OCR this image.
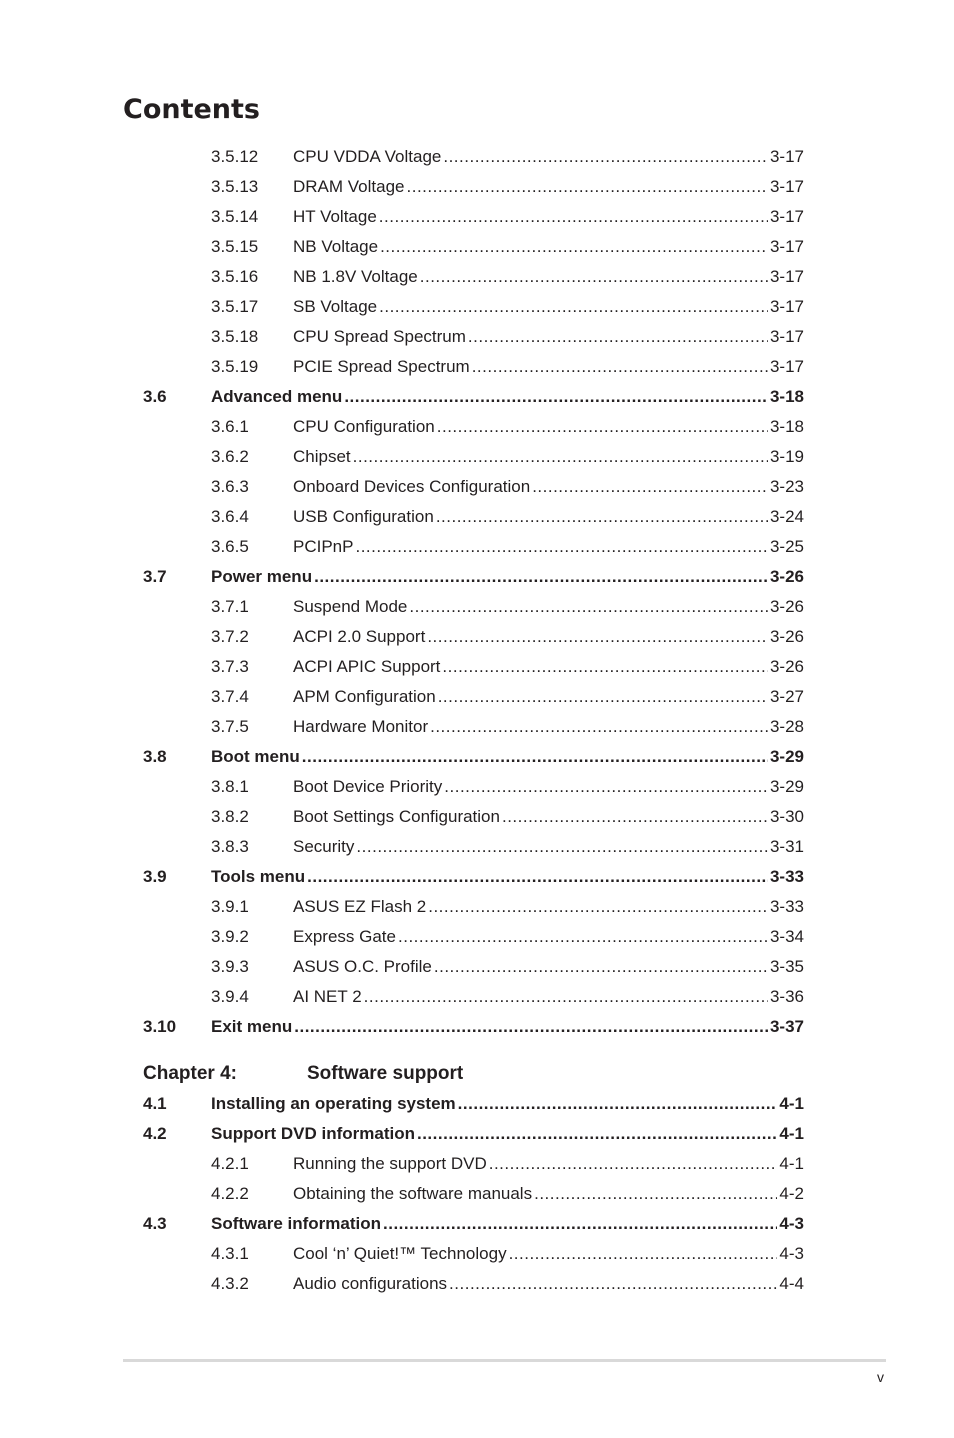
Contents
3.5.12 CPU VDDA Voltage .....	3-17
3.5.13 DRAM Voltage .....	3-17
3.5.14 HT Voltage .....	3-17
3.5.15 NB Voltage .....	3-17
3.5.16 NB 1.8V Voltage .....	3-17
3.5.17 SB Voltage .....	3-17
3.5.18 CPU Spread Spectrum .....	3-17
3.5.19 PCIE Spread Spectrum .....	3-17
3.6	Advanced menu .....	3-18
3.6.1	CPU Configuration .....	3-18
3.6.2	Chipset .....	3-19
3.6.3	Onboard Devices Configuration .....	3-23
3.6.4	USB Configuration .....	3-24
3.6.5	PCIPnP .....	3-25
3.7	Power menu .....	3-26
3.7.1	Suspend Mode .....	3-26
3.7.2	ACPI 2.0 Support .....	3-26
3.7.3	ACPI APIC Support .....	3-26
3.7.4	APM Configuration .....	3-27
3.7.5	Hardware Monitor .....	3-28
3.8	Boot menu .....	3-29
3.8.1	Boot Device Priority .....	3-29
3.8.2	Boot Settings Configuration .....	3-30
3.8.3	Security .....	3-31
3.9	Tools menu .....	3-33
3.9.1	ASUS EZ Flash 2 .....	3-33
3.9.2	Express Gate .....	3-34
3.9.3	ASUS O.C. Profile .....	3-35
3.9.4	AI NET 2 .....	3-36
3.10 Exit menu .....	3-37
Chapter 4:	Software support
4.1	Installing an operating system .....	4-1
4.2	Support DVD information .....	4-1
4.2.1	Running the support DVD .....	4-1
4.2.2	Obtaining the software manuals .....	4-2
4.3	Software information .....	4-3
4.3.1	Cool ‘n’ Quiet!™ Technology .....	4-3
4.3.2	Audio configurations .....	4-4
v
